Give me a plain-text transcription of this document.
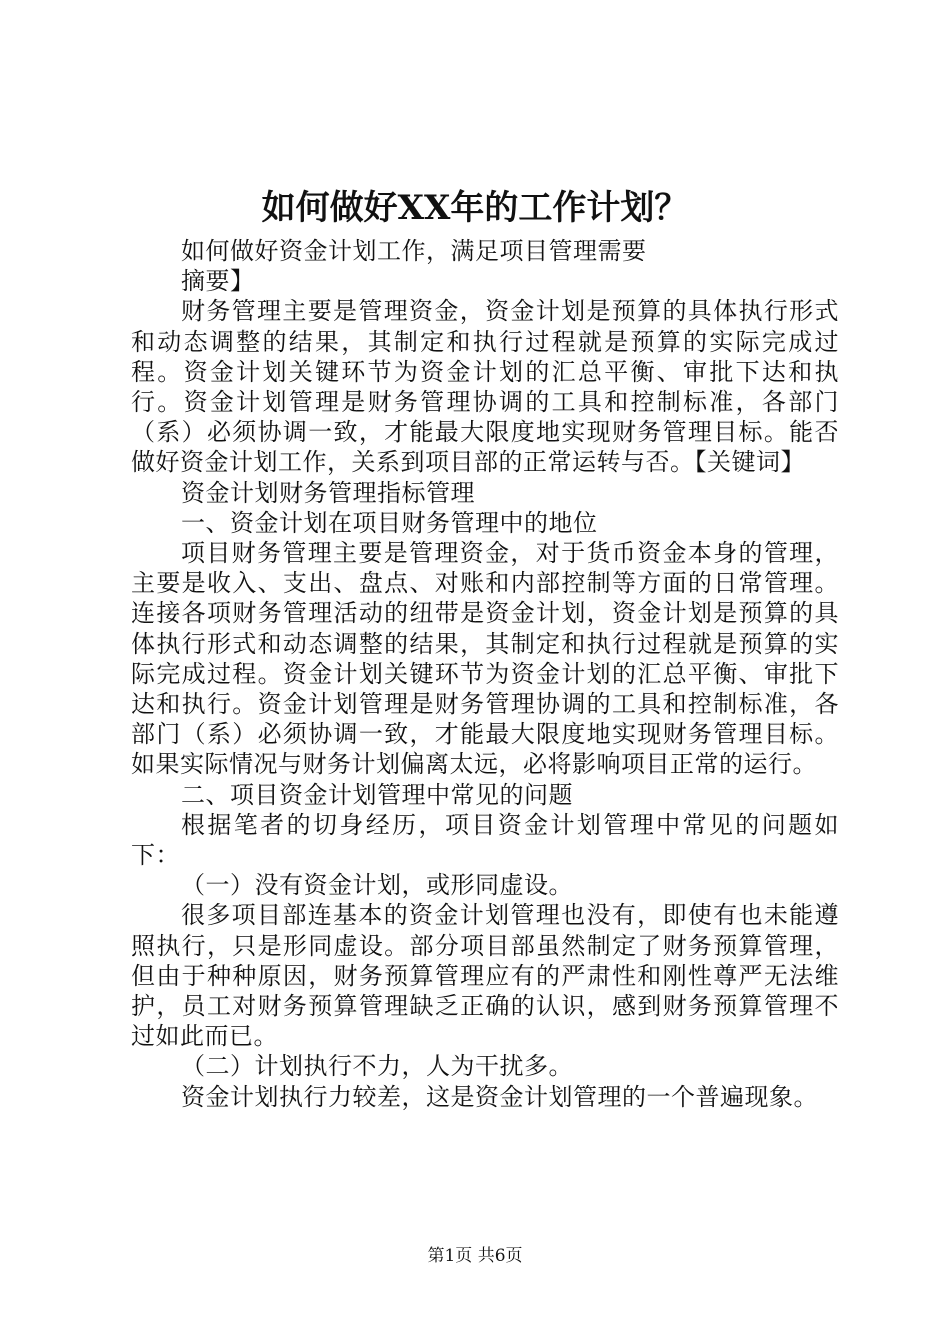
如何做好XX年的工作计划？

如何做好资金计划工作，满足项目管理需要

摘要】

财务管理主要是管理资金，资金计划是预算的具体执行形式和动态调整的结果，其制定和执行过程就是预算的实际完成过程。资金计划关键环节为资金计划的汇总平衡、审批下达和执行。资金计划管理是财务管理协调的工具和控制标准，各部门（系）必须协调一致，才能最大限度地实现财务管理目标。能否做好资金计划工作，关系到项目部的正常运转与否。【关键词】

资金计划财务管理指标管理

一、资金计划在项目财务管理中的地位

项目财务管理主要是管理资金，对于货币资金本身的管理，主要是收入、支出、盘点、对账和内部控制等方面的日常管理。连接各项财务管理活动的纽带是资金计划，资金计划是预算的具体执行形式和动态调整的结果，其制定和执行过程就是预算的实际完成过程。资金计划关键环节为资金计划的汇总平衡、审批下达和执行。资金计划管理是财务管理协调的工具和控制标准，各部门（系）必须协调一致，才能最大限度地实现财务管理目标。如果实际情况与财务计划偏离太远，必将影响项目正常的运行。

二、项目资金计划管理中常见的问题

根据笔者的切身经历，项目资金计划管理中常见的问题如下：

（一）没有资金计划，或形同虚设。

很多项目部连基本的资金计划管理也没有，即使有也未能遵照执行，只是形同虚设。部分项目部虽然制定了财务预算管理，但由于种种原因，财务预算管理应有的严肃性和刚性尊严无法维护，员工对财务预算管理缺乏正确的认识，感到财务预算管理不过如此而已。

（二）计划执行不力，人为干扰多。

资金计划执行力较差，这是资金计划管理的一个普遍现象。

第1页 共6页
